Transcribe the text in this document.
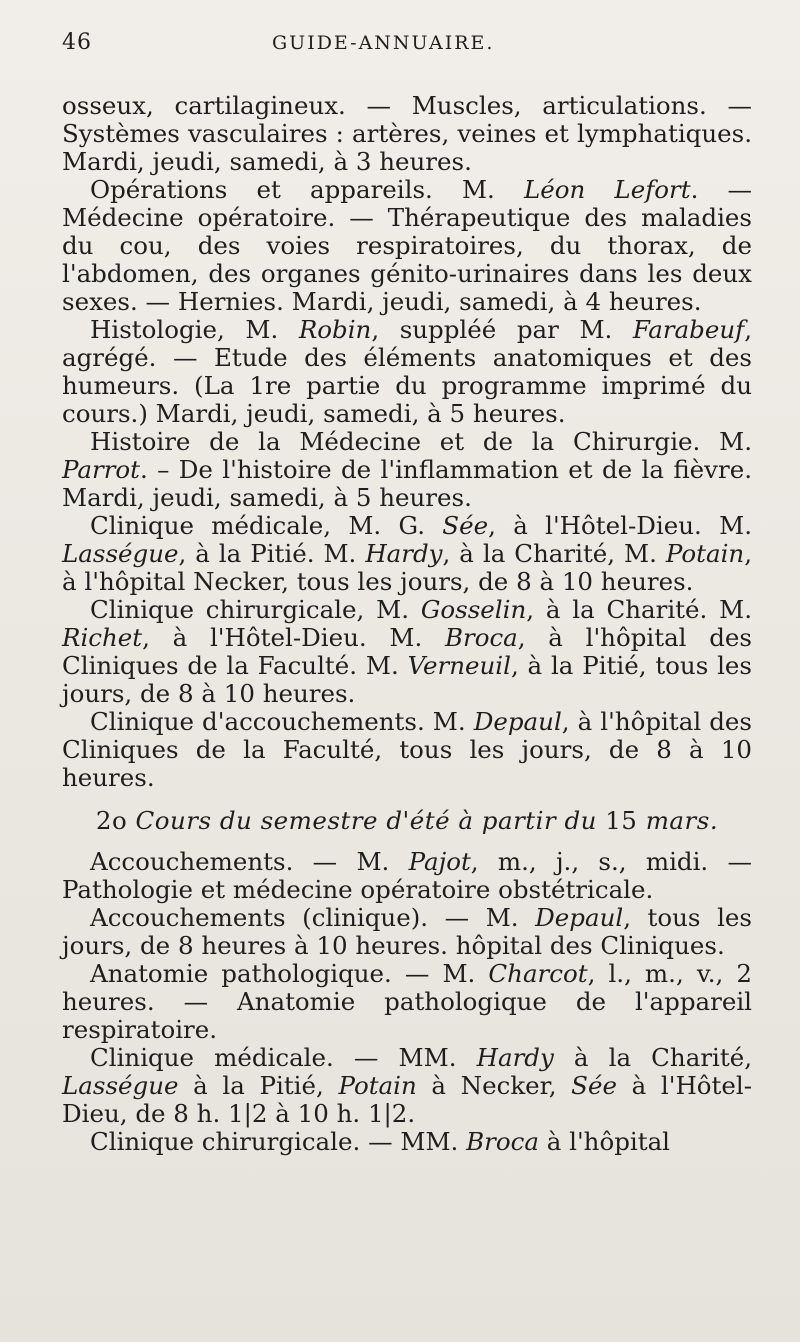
46	GUIDE-ANNUAIRE.

osseux, cartilagineux. — Muscles, articulations. — Systèmes vasculaires : artères, veines et lymphatiques. Mardi, jeudi, samedi, à 3 heures.

Opérations et appareils. M. Léon Lefort. — Médecine opératoire. — Thérapeutique des maladies du cou, des voies respiratoires, du thorax, de l'abdomen, des organes génito-urinaires dans les deux sexes. — Hernies. Mardi, jeudi, samedi, à 4 heures.

Histologie, M. Robin, suppléé par M. Farabeuf, agrégé. — Etude des éléments anatomiques et des humeurs. (La 1re partie du programme imprimé du cours.) Mardi, jeudi, samedi, à 5 heures.

Histoire de la Médecine et de la Chirurgie. M. Parrot. – De l'histoire de l'inflammation et de la fièvre. Mardi, jeudi, samedi, à 5 heures.

Clinique médicale, M. G. Sée, à l'Hôtel-Dieu. M. Lasségue, à la Pitié. M. Hardy, à la Charité, M. Potain, à l'hôpital Necker, tous les jours, de 8 à 10 heures.

Clinique chirurgicale, M. Gosselin, à la Charité. M. Richet, à l'Hôtel-Dieu. M. Broca, à l'hôpital des Cliniques de la Faculté. M. Verneuil, à la Pitié, tous les jours, de 8 à 10 heures.

Clinique d'accouchements. M. Depaul, à l'hôpital des Cliniques de la Faculté, tous les jours, de 8 à 10 heures.

2o Cours du semestre d'été à partir du 15 mars.

Accouchements. — M. Pajot, m., j., s., midi. — Pathologie et médecine opératoire obstétricale.

Accouchements (clinique). — M. Depaul, tous les jours, de 8 heures à 10 heures. hôpital des Cliniques.

Anatomie pathologique. — M. Charcot, l., m., v., 2 heures. — Anatomie pathologique de l'appareil respiratoire.

Clinique médicale. — MM. Hardy à la Charité, Lasségue à la Pitié, Potain à Necker, Sée à l'Hôtel-Dieu, de 8 h. 1|2 à 10 h. 1|2.

Clinique chirurgicale. — MM. Broca à l'hôpital
